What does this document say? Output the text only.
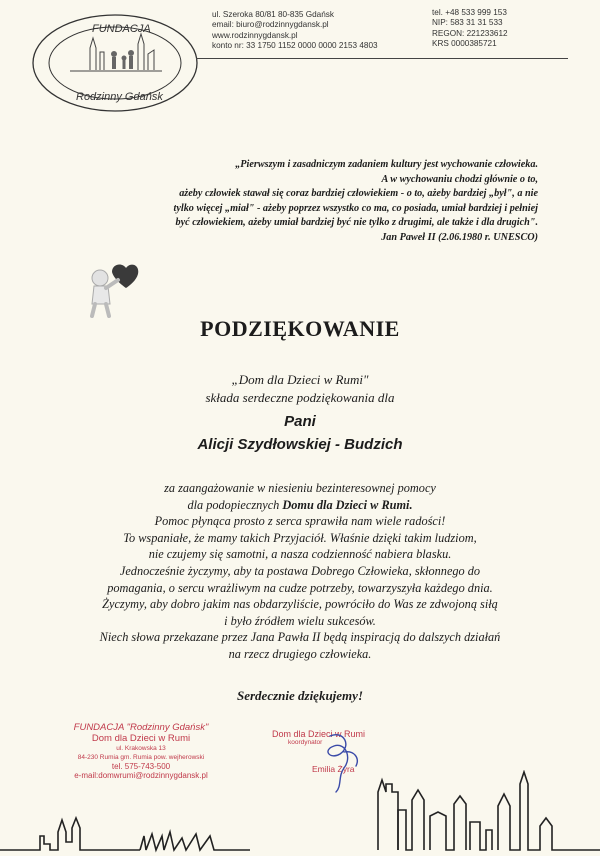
FUNDACJA
Rodzinny Gdańsk
ul. Szeroka 80/81 80-835 Gdańsk
email: biuro@rodzinnygdansk.pl
www.rodzinnygdansk.pl
konto nr: 33 1750 1152 0000 0000 2153 4803
tel. +48 533 999 153
NIP: 583 31 31 533
REGON: 221233612
KRS 0000385721
„Pierwszym i zasadniczym zadaniem kultury jest wychowanie człowieka.
A w wychowaniu chodzi głównie o to,
ażeby człowiek stawał się coraz bardziej człowiekiem - o to, ażeby bardziej „był", a nie
tylko więcej „miał" - ażeby poprzez wszystko co ma, co posiada, umiał bardziej i pełniej
być człowiekiem, ażeby umiał bardziej być nie tylko z drugimi, ale także i dla drugich".
Jan Paweł II (2.06.1980 r. UNESCO)
PODZIĘKOWANIE
„Dom dla Dzieci w Rumi"
składa serdeczne podziękowania dla
Pani
Alicji Szydłowskiej - Budzich
za zaangażowanie w niesieniu bezinteresownej pomocy
dla podopiecznych Domu dla Dzieci w Rumi.
Pomoc płynąca prosto z serca sprawiła nam wiele radości!
To wspaniałe, że mamy takich Przyjaciół. Właśnie dzięki takim ludziom,
nie czujemy się samotni, a nasza codzienność nabiera blasku.
Jednocześnie życzymy, aby ta postawa Dobrego Człowieka, skłonnego do
pomagania, o sercu wrażliwym na cudze potrzeby, towarzyszyła każdego dnia.
Życzymy, aby dobro jakim nas obdarzyliście, powróciło do Was ze zdwojoną siłą
i było źródłem wielu sukcesów.
Niech słowa przekazane przez Jana Pawła II będą inspiracją do dalszych działań
na rzecz drugiego człowieka.
Serdecznie dziękujemy!
FUNDACJA "Rodzinny Gdańsk"
Dom dla Dzieci w Rumi
ul. Krakowska 13
84-230 Rumia gm. Rumia pow. wejherowski
tel. 575-743-500
e-mail:domwrumi@rodzinnygdansk.pl
Dom dla Dzieci w Rumi
koordynator
Emilia Żyra
